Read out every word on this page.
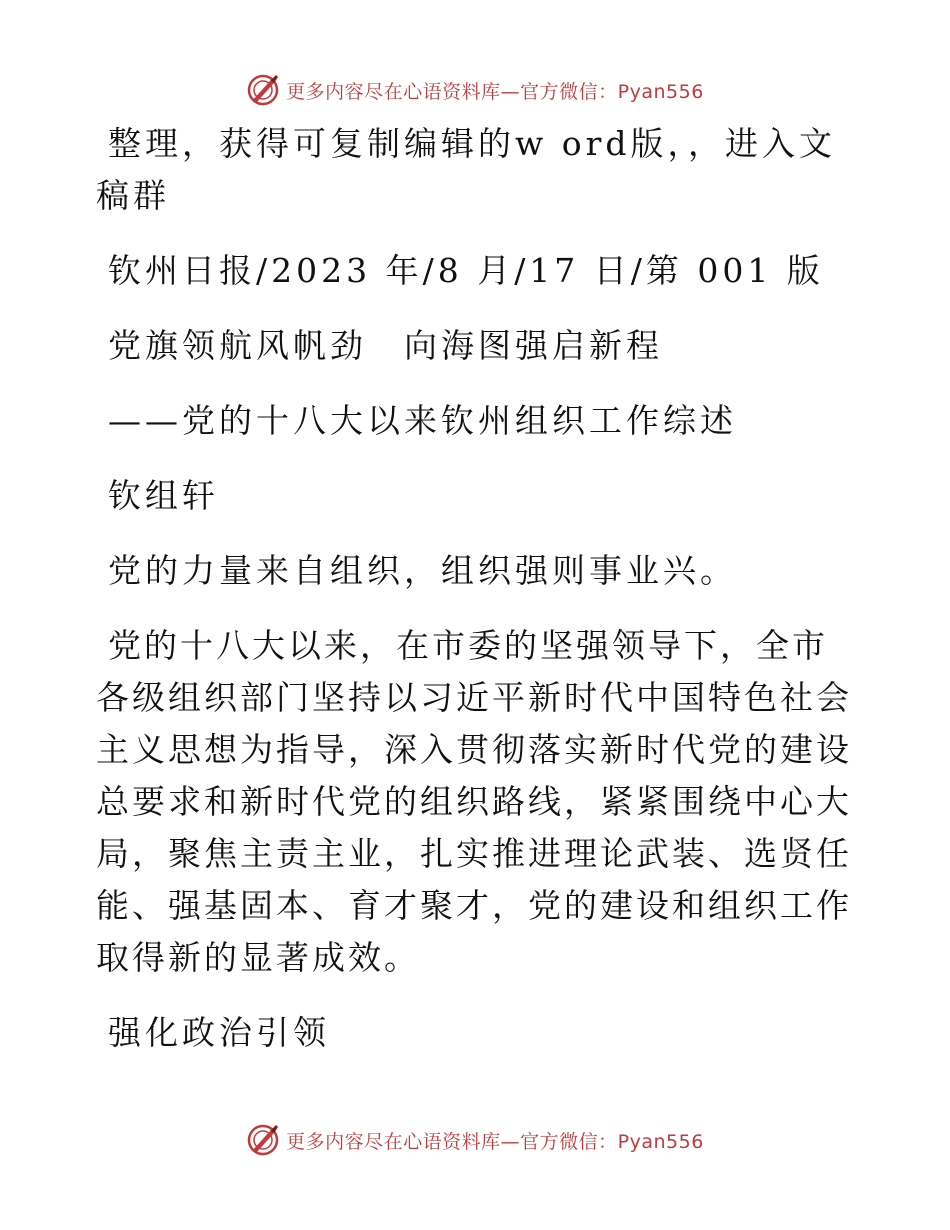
更多内容尽在心语资料库—官方微信：Pyan556

整理，获得可复制编辑的w ord版，，进入文稿群

钦州日报/2023 年/8 月/17 日/第 001 版

党旗领航风帆劲　向海图强启新程

——党的十八大以来钦州组织工作综述

钦组轩

党的力量来自组织，组织强则事业兴。

党的十八大以来，在市委的坚强领导下，全市各级组织部门坚持以习近平新时代中国特色社会主义思想为指导，深入贯彻落实新时代党的建设总要求和新时代党的组织路线，紧紧围绕中心大局，聚焦主责主业，扎实推进理论武装、选贤任能、强基固本、育才聚才，党的建设和组织工作取得新的显著成效。

强化政治引领

更多内容尽在心语资料库—官方微信：Pyan556
